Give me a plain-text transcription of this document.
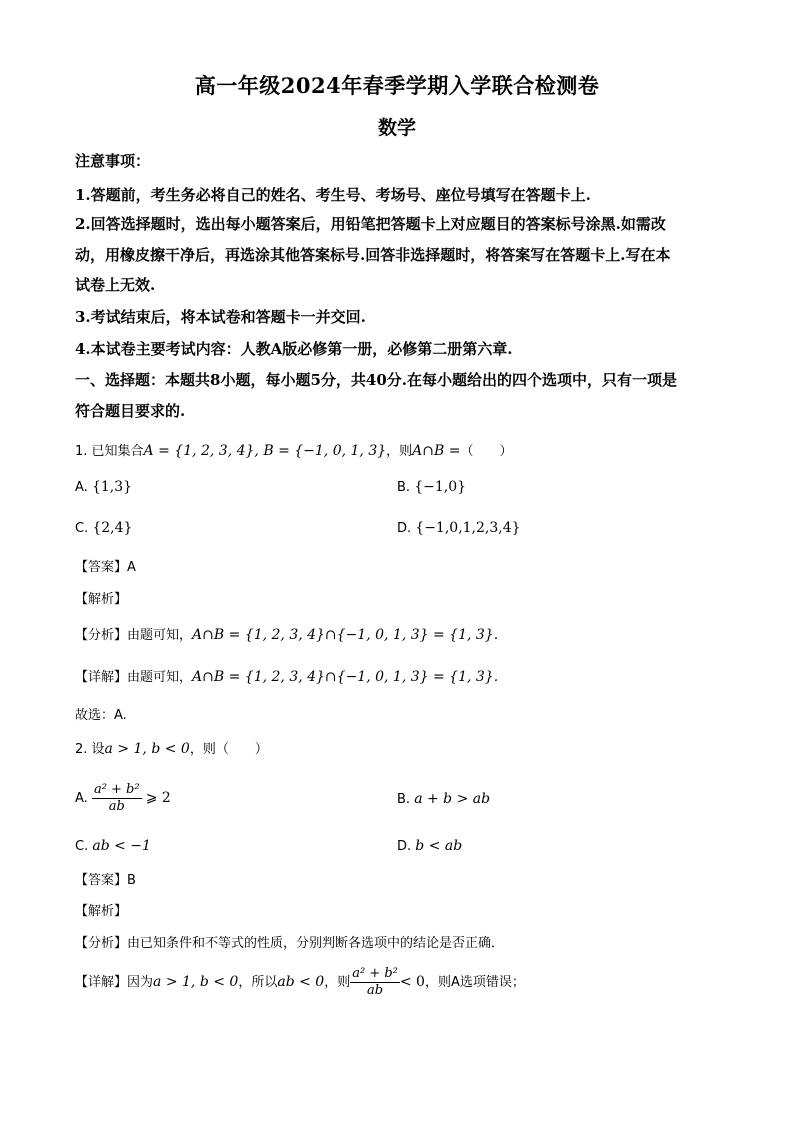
高一年级2024年春季学期入学联合检测卷
数学
注意事项：
1.答题前，考生务必将自己的姓名、考生号、考场号、座位号填写在答题卡上.
2.回答选择题时，选出每小题答案后，用铅笔把答题卡上对应题目的答案标号涂黑.如需改
动，用橡皮擦干净后，再选涂其他答案标号.回答非选择题时，将答案写在答题卡上.写在本
试卷上无效.
3.考试结束后，将本试卷和答题卡一并交回.
4.本试卷主要考试内容：人教A版必修第一册，必修第二册第六章.
一、选择题：本题共8小题，每小题5分，共40分.在每小题给出的四个选项中，只有一项是
符合题目要求的.
1. 已知集合A = {1, 2, 3, 4}, B = {−1, 0, 1, 3}，则A∩B =（　　）
A. {1,3}	B. {−1,0}
C. {2,4}	D. {−1,0,1,2,3,4}
【答案】A
【解析】
【分析】由题可知，A∩B = {1, 2, 3, 4}∩{−1, 0, 1, 3} = {1, 3}.
【详解】由题可知，A∩B = {1, 2, 3, 4}∩{−1, 0, 1, 3} = {1, 3}.
故选：A.
2. 设a > 1, b < 0，则（　　）
A. $\frac{\text{a² + b²}}{ab}$ ⩾ 2	B. a + b > ab
C. ab < −1	D. b < ab
【答案】B
【解析】
【分析】由已知条件和不等式的性质，分别判断各选项中的结论是否正确．
【详解】因为a > 1, b < 0，所以ab < 0，则 $\frac{\text{a² + b²}}{ab} < 0$，则A选项错误；
